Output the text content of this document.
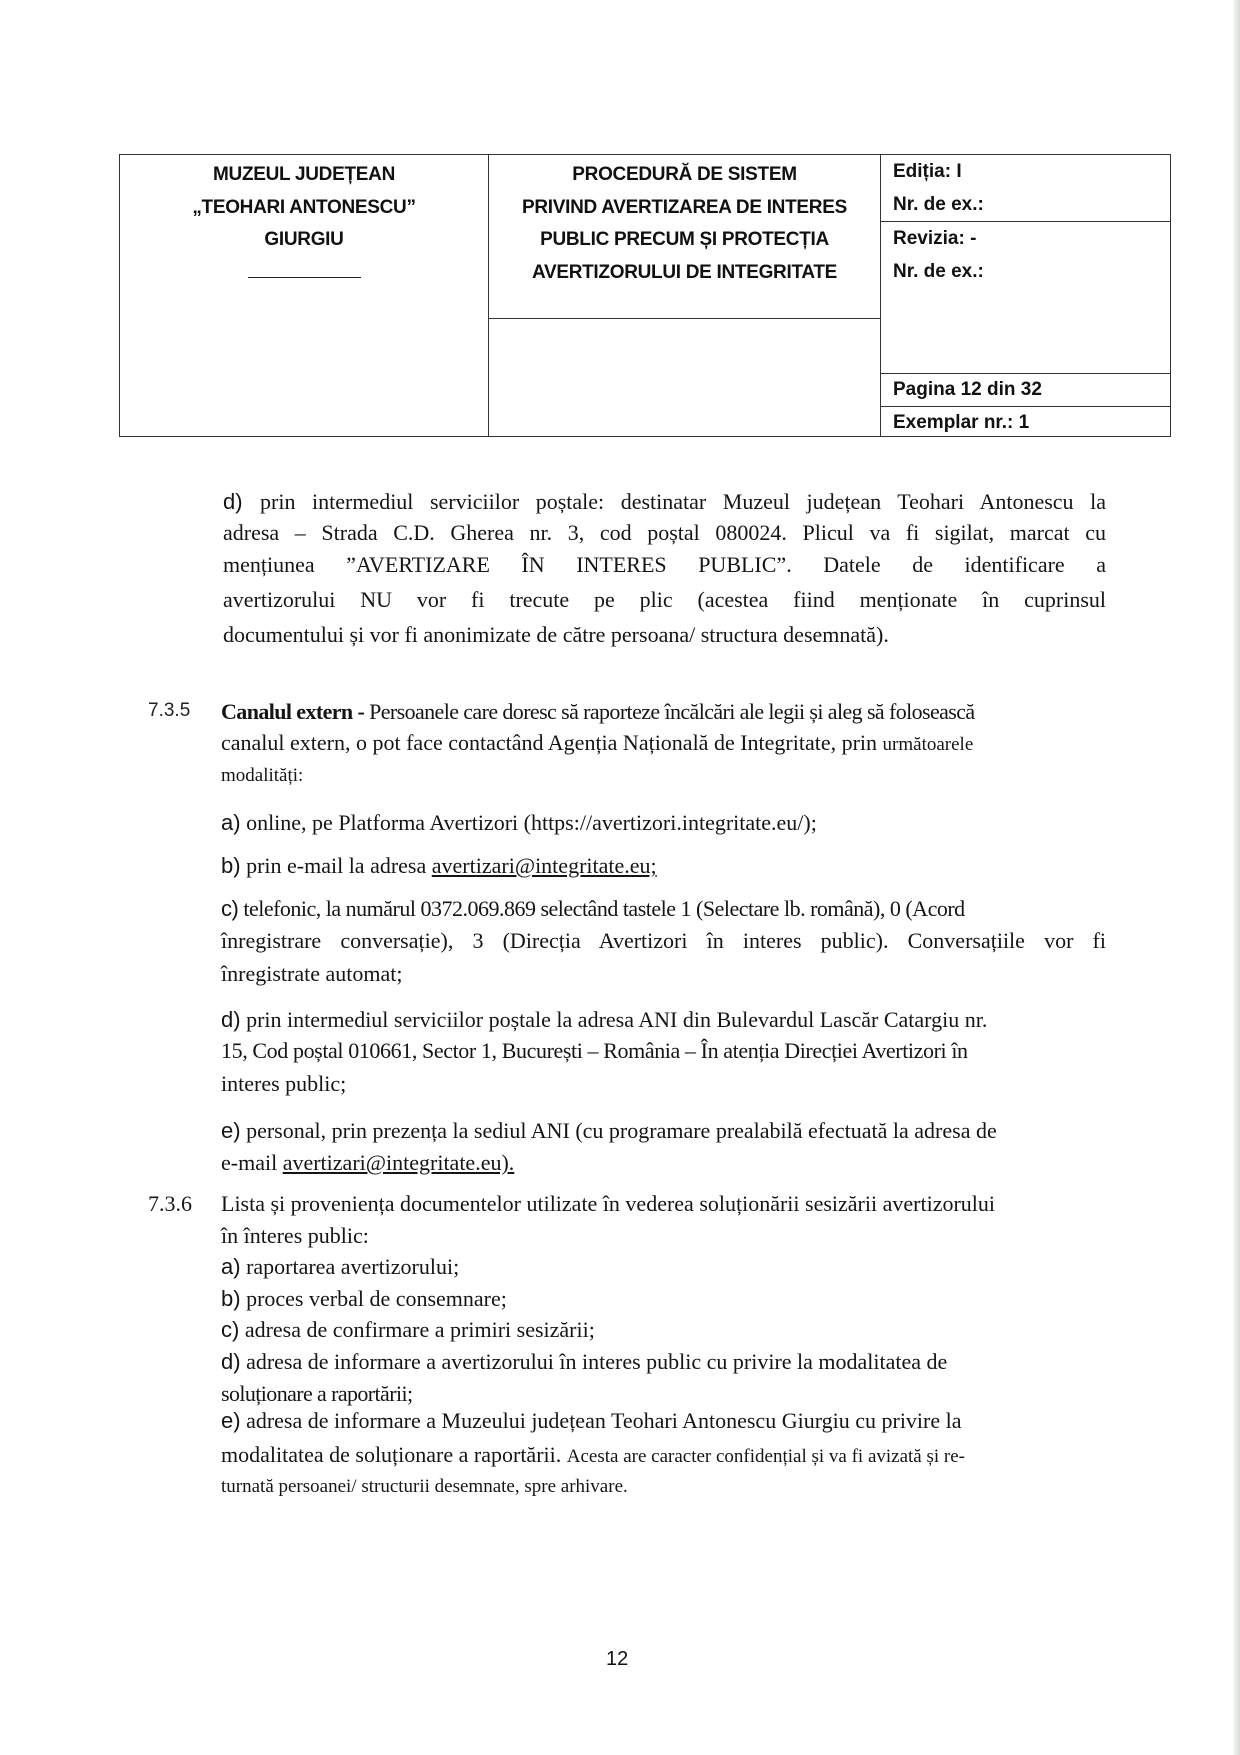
MUZEUL JUDEȚEAN
„TEOHARI ANTONESCU”
GIURGIU
PROCEDURĂ DE SISTEM
PRIVIND AVERTIZAREA DE INTERES
PUBLIC PRECUM ȘI PROTECȚIA
AVERTIZORULUI DE INTEGRITATE
Ediția: I
Nr. de ex.:
Revizia: -
Nr. de ex.:
Pagina 12 din 32
Exemplar nr.: 1
d) prin intermediul serviciilor poștale: destinatar Muzeul județean Teohari Antonescu la
adresa – Strada C.D. Gherea nr. 3, cod poștal 080024. Plicul va fi sigilat, marcat cu
mențiunea ”AVERTIZARE ÎN INTERES PUBLIC”. Datele de identificare a
avertizorului NU vor fi trecute pe plic (acestea fiind menționate în cuprinsul
documentului și vor fi anonimizate de către persoana/ structura desemnată).
7.3.5 Canalul extern - Persoanele care doresc să raporteze încălcări ale legii și aleg să folosească
canalul extern, o pot face contactând Agenția Națională de Integritate, prin următoarele
modalități:
a) online, pe Platforma Avertizori (https://avertizori.integritate.eu/);
b) prin e-mail la adresa avertizari@integritate.eu;
c) telefonic, la numărul 0372.069.869 selectând tastele 1 (Selectare lb. română), 0 (Acord
înregistrare conversație), 3 (Direcția Avertizori în interes public). Conversațiile vor fi
înregistrate automat;
d) prin intermediul serviciilor poștale la adresa ANI din Bulevardul Lascăr Catargiu nr.
15, Cod poștal 010661, Sector 1, București – România – În atenția Direcției Avertizori în
interes public;
e) personal, prin prezența la sediul ANI (cu programare prealabilă efectuată la adresa de
e-mail avertizari@integritate.eu).
7.3.6 Lista și proveniența documentelor utilizate în vederea soluționării sesizării avertizorului
în înteres public:
a) raportarea avertizorului;
b) proces verbal de consemnare;
c) adresa de confirmare a primiri sesizării;
d) adresa de informare a avertizorului în interes public cu privire la modalitatea de
soluționare a raportării;
e) adresa de informare a Muzeului județean Teohari Antonescu Giurgiu cu privire la
modalitatea de soluționare a raportării. Acesta are caracter confidențial și va fi avizată și re-
turnată persoanei/ structurii desemnate, spre arhivare.
12
